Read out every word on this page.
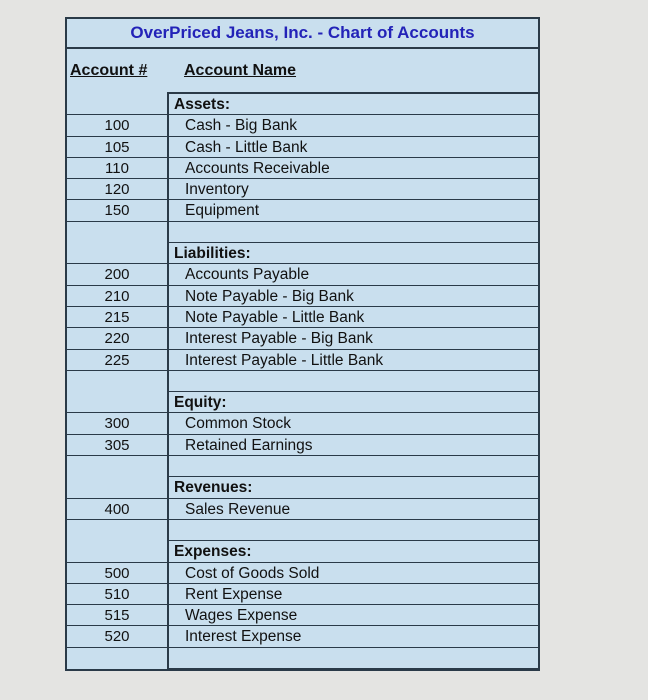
OverPriced Jeans, Inc. - Chart of Accounts
Account # Account Name
Assets:
100	Cash - Big Bank
105	Cash - Little Bank
110	Accounts Receivable
120	Inventory
150	Equipment
Liabilities:
200	Accounts Payable
210	Note Payable - Big Bank
215	Note Payable - Little Bank
220	Interest Payable - Big Bank
225	Interest Payable - Little Bank
Equity:
300	Common Stock
305	Retained Earnings
Revenues:
400	Sales Revenue
Expenses:
500	Cost of Goods Sold
510	Rent Expense
515	Wages Expense
520	Interest Expense
